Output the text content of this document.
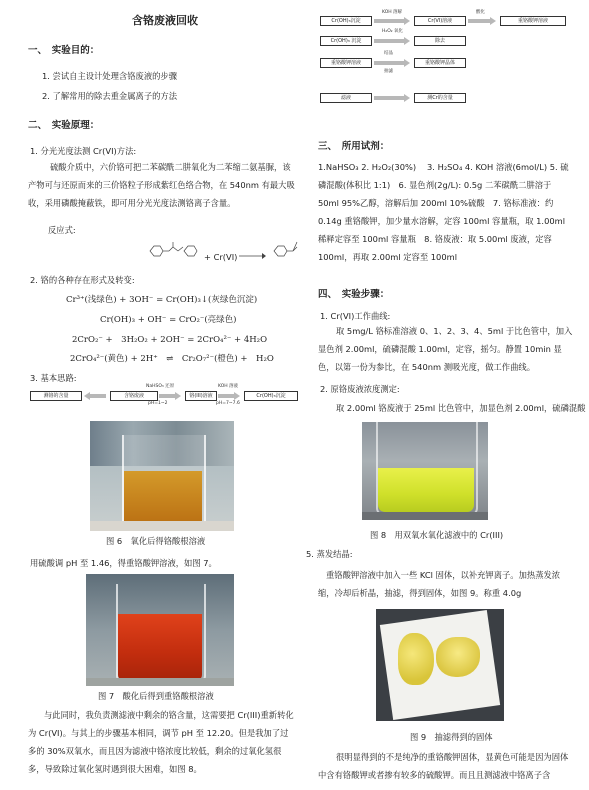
含铬废液回收
一、　实验目的：
1. 尝试自主设计处理含铬废液的步骤
2. 了解常用的除去重金属离子的方法
二、　实验原理：
1. 分光光度法测 Cr(VI)方法:
硫酸介质中，六价铬可把二苯碳酰二肼氧化为二苯缩二氨基脲，该产物可与还原而来的三价铬粒子形成紫红色络合物，在 540nm 有最大吸收，采用磷酸掩蔽铁，即可用分光光度法测铬离子含量。
反应式:
+ Cr(VI) →
2. 铬的各种存在形式及转变:
Cr³⁺(浅绿色) + 3OH⁻ = Cr(OH)₃↓(灰绿色沉淀)
Cr(OH)₃ + OH⁻ = CrO₂⁻(亮绿色)
2CrO₂⁻ +　3H₂O₂ + 2OH⁻ = 2CrO₄²⁻ + 4H₂O
2CrO₄²⁻(黄色) + 2H⁺　⇌　Cr₂O₇²⁻(橙色) +　H₂O
3. 基本思路:
测铬的含量	含铬废液
NaHSO₃ 还原
pH=1~2
铬(III)溶液
KOH 溶液
pH=7~7.6
Cr(OH)₃沉淀
图 6　氧化后得铬酸根溶液
用硫酸调 pH 至 1.46，得重铬酸钾溶液，如图 7。
图 7　酸化后得到重铬酸根溶液
与此同时，我负责测滤液中剩余的铬含量，这需要把 Cr(III)重新转化为 Cr(VI)。与其上的步骤基本相同，调节 pH 至 12.20。但是我加了过多的 30%双氧水，而且因为滤液中铬浓度比较低，剩余的过氧化氢很多，导致除过氧化氢时遇到很大困难，如图 8。
Cr(OH)₃沉淀
KOH 溶解
H₂O₂ 氧化
Cr(VI)溶液
酸化
重铬酸钾溶液
Cr(OH)₃ 沉淀	除去
重铬酸钾溶液
结晶
抽滤
重铬酸钾晶体
滤液	测Cr的含量
三、　所用试剂：
1.NaHSO₃ 2. H₂O₂(30%)　 3. H₂SO₄ 4. KOH 溶液(6mol/L) 5. 硫磷混酸(体积比 1:1)　6. 显色剂(2g/L): 0.5g 二苯碳酰二肼溶于 50ml 95%乙醇，溶解后加 200ml 10%硫酸　7. 铬标准液：约 0.14g 重铬酸钾，加少量水溶解，定容 100ml 容量瓶，取 1.00ml 稀释定容至 100ml 容量瓶　8. 铬废液：取 5.00ml 废液，定容 100ml，再取 2.00ml 定容至 100ml
四、　实验步骤：
1. Cr(VI)工作曲线:
取 5mg/L 铬标准溶液 0、1、2、3、4、5ml 于比色管中，加入显色剂 2.00ml，硫磷混酸 1.00ml，定容，摇匀。静置 10min 显色，以第一份为参比，在 540nm 测吸光度，做工作曲线。
2. 原铬废液浓度测定:
取 2.00ml 铬废液于 25ml 比色管中，加显色剂 2.00ml，硫磷混酸
图 8　用双氧水氧化滤液中的 Cr(III)
5. 蒸发结晶:
重铬酸钾溶液中加入一些 KCl 固体，以补充钾离子。加热蒸发浓缩，冷却后析晶，抽滤，得到固体，如图 9。称重 4.0g
图 9　抽滤得到的固体
很明显得到的不是纯净的重铬酸钾固体，显黄色可能是因为固体中含有铬酸钾或者掺有较多的硫酸钾。而且且测滤液中铬离子含
